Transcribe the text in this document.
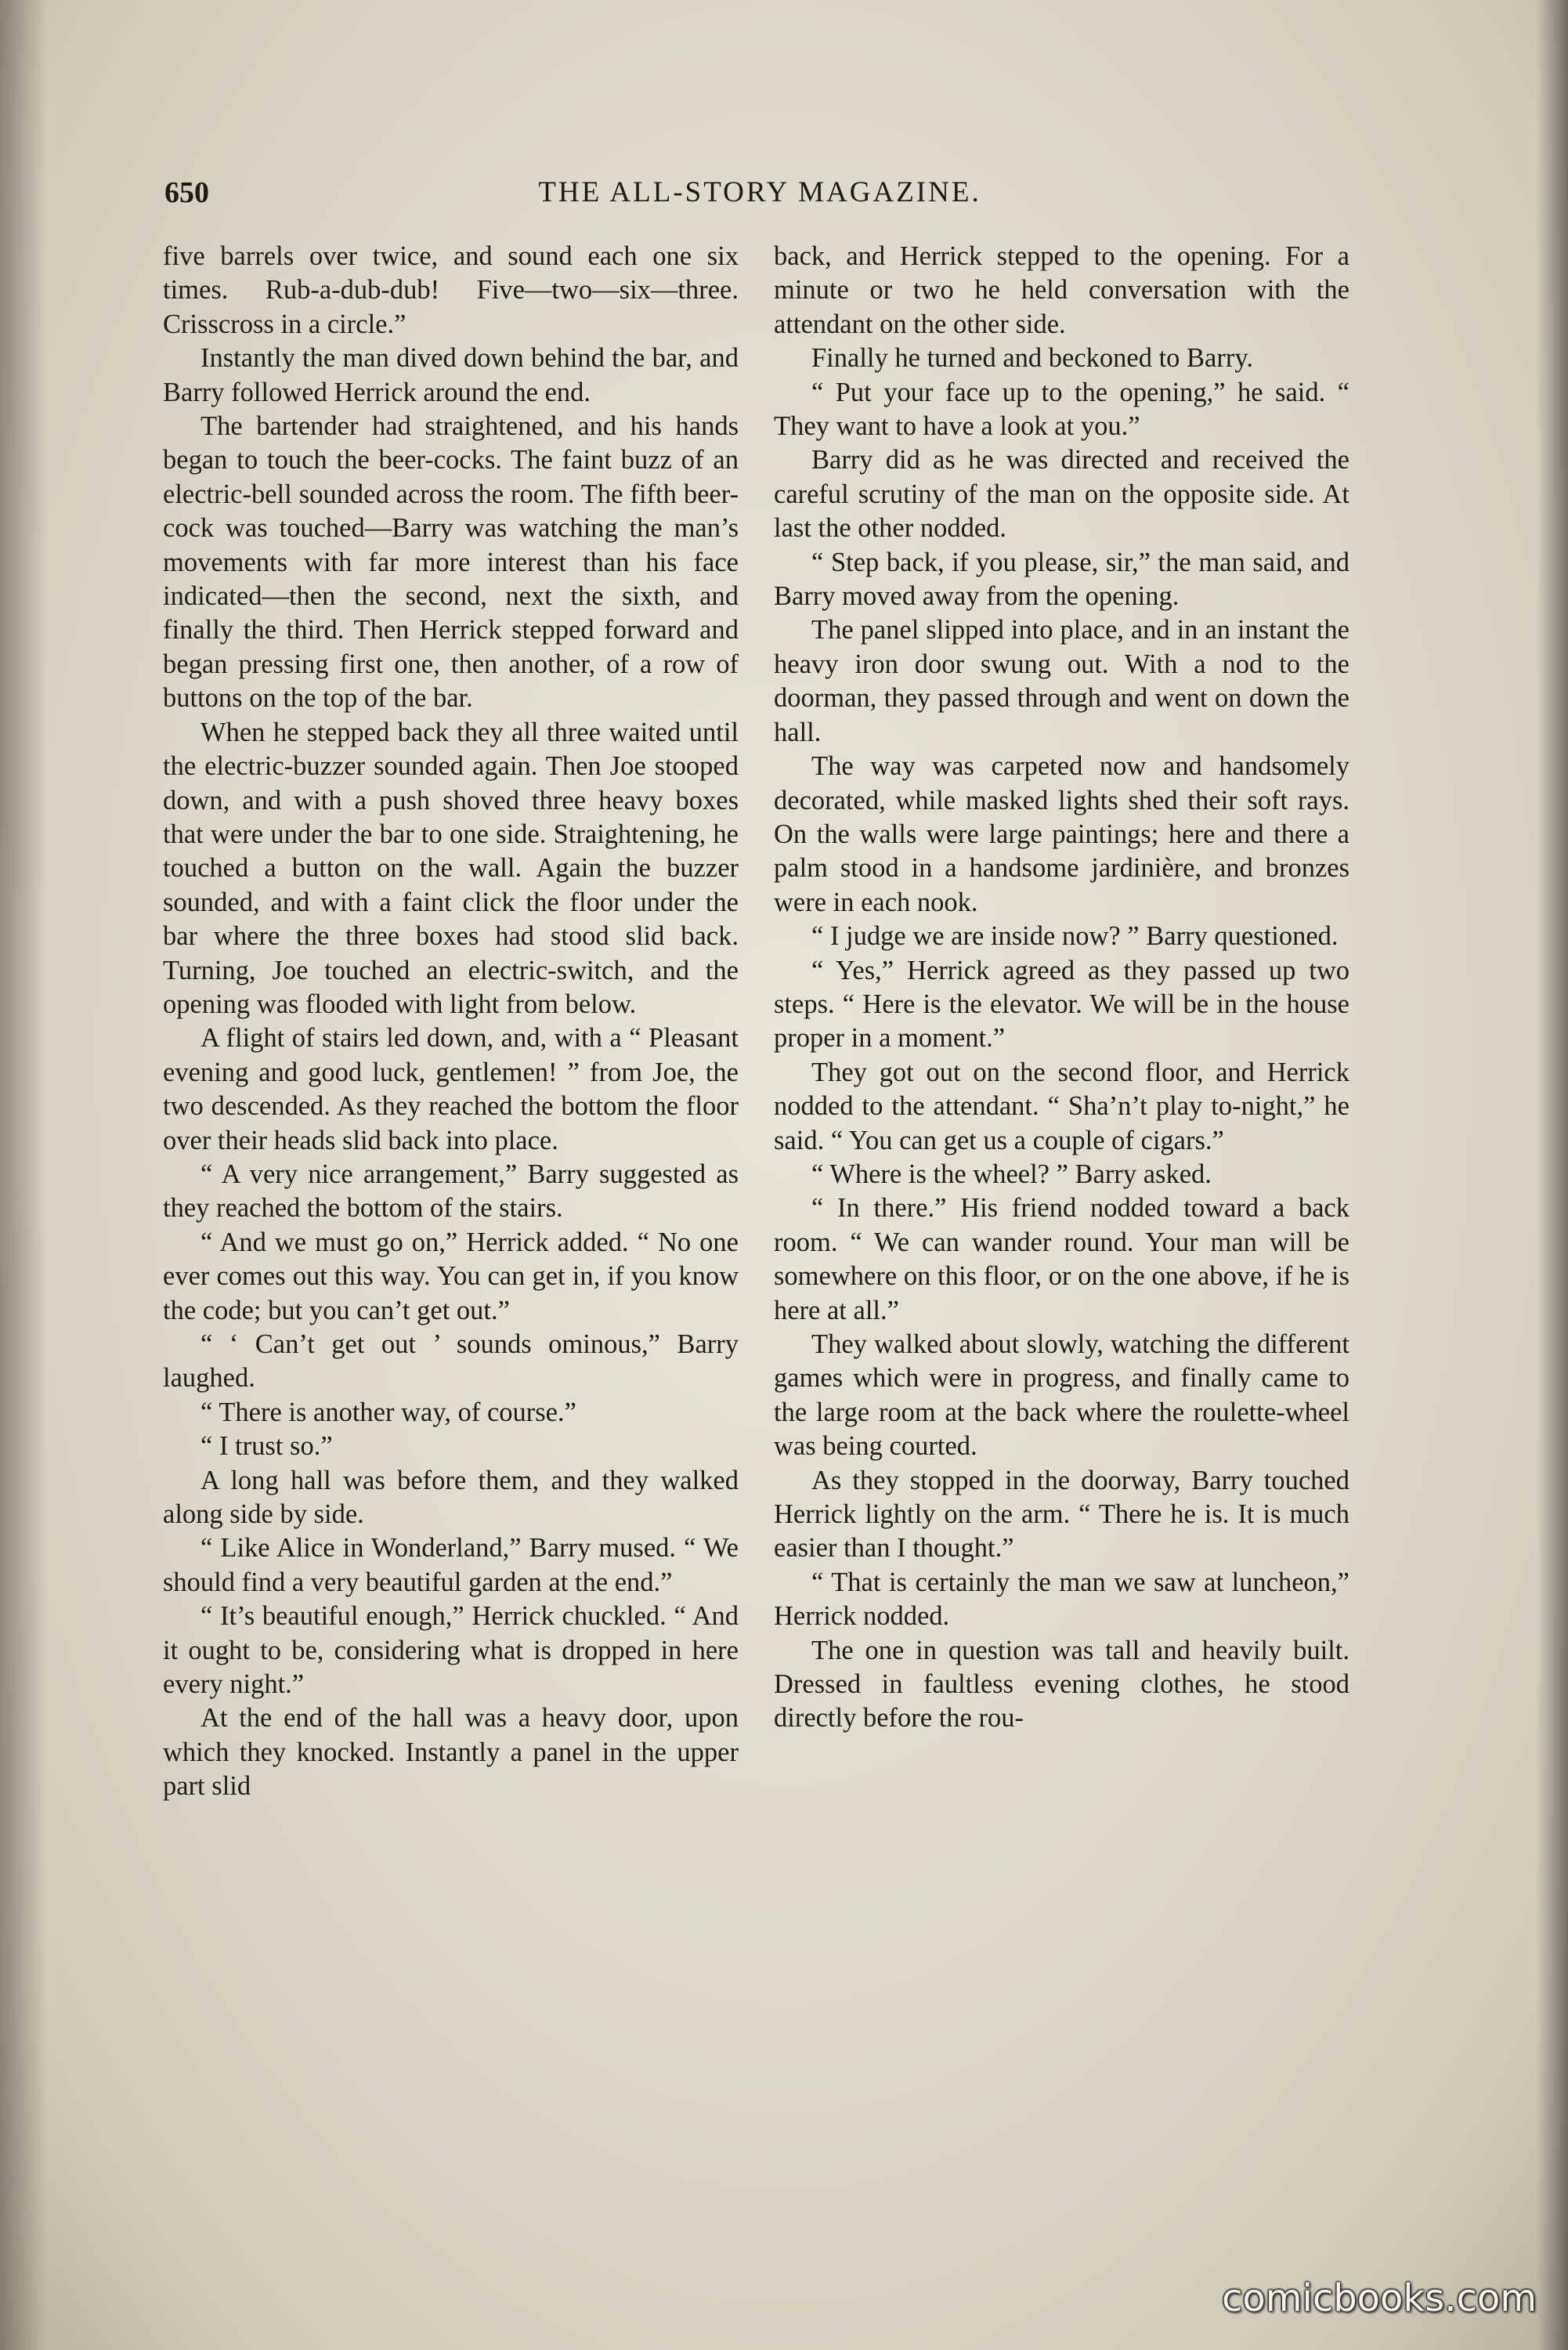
650	THE ALL-STORY MAGAZINE.

five barrels over twice, and sound each one six times. Rub-a-dub-dub! Five—two—six—three. Crisscross in a circle.”

Instantly the man dived down behind the bar, and Barry followed Herrick around the end.

The bartender had straightened, and his hands began to touch the beer-cocks. The faint buzz of an electric-bell sounded across the room. The fifth beer-cock was touched—Barry was watching the man’s movements with far more interest than his face indicated—then the second, next the sixth, and finally the third. Then Herrick stepped forward and began pressing first one, then another, of a row of buttons on the top of the bar.

When he stepped back they all three waited until the electric-buzzer sounded again. Then Joe stooped down, and with a push shoved three heavy boxes that were under the bar to one side. Straightening, he touched a button on the wall. Again the buzzer sounded, and with a faint click the floor under the bar where the three boxes had stood slid back. Turning, Joe touched an electric-switch, and the opening was flooded with light from below.

A flight of stairs led down, and, with a “ Pleasant evening and good luck, gentlemen! ” from Joe, the two descended. As they reached the bottom the floor over their heads slid back into place.

“ A very nice arrangement,” Barry suggested as they reached the bottom of the stairs.

“ And we must go on,” Herrick added. “ No one ever comes out this way. You can get in, if you know the code; but you can’t get out.”

“ ‘ Can’t get out ’ sounds ominous,” Barry laughed.

“ There is another way, of course.”

“ I trust so.”

A long hall was before them, and they walked along side by side.

“ Like Alice in Wonderland,” Barry mused. “ We should find a very beautiful garden at the end.”

“ It’s beautiful enough,” Herrick chuckled. “ And it ought to be, considering what is dropped in here every night.”

At the end of the hall was a heavy door, upon which they knocked. Instantly a panel in the upper part slid

back, and Herrick stepped to the opening. For a minute or two he held conversation with the attendant on the other side.

Finally he turned and beckoned to Barry.

“ Put your face up to the opening,” he said. “ They want to have a look at you.”

Barry did as he was directed and received the careful scrutiny of the man on the opposite side. At last the other nodded.

“ Step back, if you please, sir,” the man said, and Barry moved away from the opening.

The panel slipped into place, and in an instant the heavy iron door swung out. With a nod to the doorman, they passed through and went on down the hall.

The way was carpeted now and handsomely decorated, while masked lights shed their soft rays. On the walls were large paintings; here and there a palm stood in a handsome jardinière, and bronzes were in each nook.

“ I judge we are inside now? ” Barry questioned.

“ Yes,” Herrick agreed as they passed up two steps. “ Here is the elevator. We will be in the house proper in a moment.”

They got out on the second floor, and Herrick nodded to the attendant. “ Sha’n’t play to-night,” he said. “ You can get us a couple of cigars.”

“ Where is the wheel? ” Barry asked.

“ In there.” His friend nodded toward a back room. “ We can wander round. Your man will be somewhere on this floor, or on the one above, if he is here at all.”

They walked about slowly, watching the different games which were in progress, and finally came to the large room at the back where the roulette-wheel was being courted.

As they stopped in the doorway, Barry touched Herrick lightly on the arm. “ There he is. It is much easier than I thought.”

“ That is certainly the man we saw at luncheon,” Herrick nodded.

The one in question was tall and heavily built. Dressed in faultless evening clothes, he stood directly before the rou-

comicbooks.com
